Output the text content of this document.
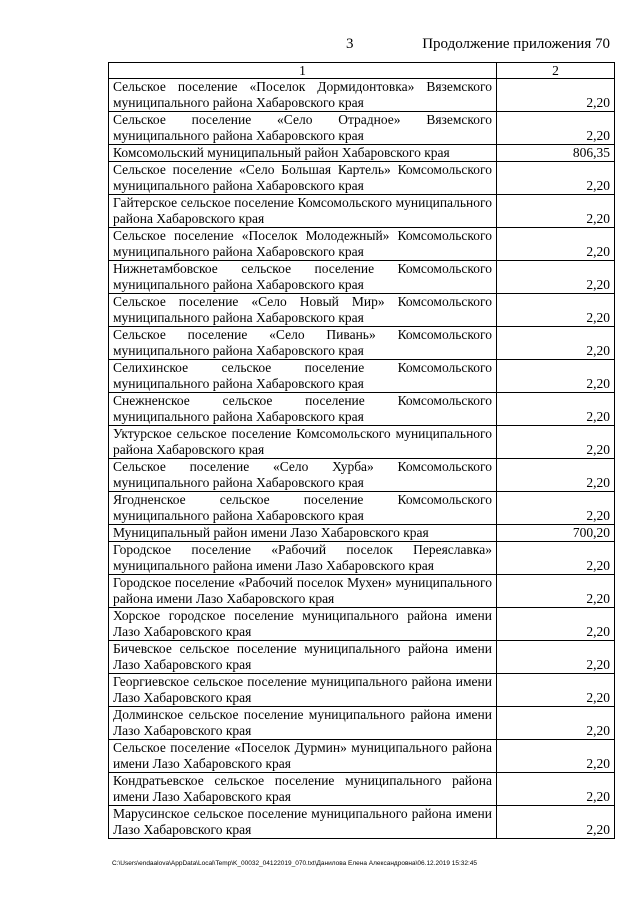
3	Продолжение приложения 70
1	2
Сельское поселение «Поселок Дормидонтовка» Вяземского муниципального района Хабаровского края	2,20
Сельское поселение «Село Отрадное» Вяземского муниципального района Хабаровского края	2,20
Комсомольский муниципальный район Хабаровского края	806,35
Сельское поселение «Село Большая Картель» Комсомольского муниципального района Хабаровского края	2,20
Гайтерское сельское поселение Комсомольского муниципального района Хабаровского края	2,20
Сельское поселение «Поселок Молодежный» Комсомольского муниципального района Хабаровского края	2,20
Нижнетамбовское сельское поселение Комсомольского муниципального района Хабаровского края	2,20
Сельское поселение «Село Новый Мир» Комсомольского муниципального района Хабаровского края	2,20
Сельское поселение «Село Пивань» Комсомольского муниципального района Хабаровского края	2,20
Селихинское сельское поселение Комсомольского муниципального района Хабаровского края	2,20
Снежненское сельское поселение Комсомольского муниципального района Хабаровского края	2,20
Уктурское сельское поселение Комсомольского муниципального района Хабаровского края	2,20
Сельское поселение «Село Хурба» Комсомольского муниципального района Хабаровского края	2,20
Ягодненское сельское поселение Комсомольского муниципального района Хабаровского края	2,20
Муниципальный район имени Лазо Хабаровского края	700,20
Городское поселение «Рабочий поселок Переяславка» муниципального района имени Лазо Хабаровского края	2,20
Городское поселение «Рабочий поселок Мухен» муниципального района имени Лазо Хабаровского края	2,20
Хорское городское поселение муниципального района имени Лазо Хабаровского края	2,20
Бичевское сельское поселение муниципального района имени Лазо Хабаровского края	2,20
Георгиевское сельское поселение муниципального района имени Лазо Хабаровского края	2,20
Долминское сельское поселение муниципального района имени Лазо Хабаровского края	2,20
Сельское поселение «Поселок Дурмин» муниципального района имени Лазо Хабаровского края	2,20
Кондратьевское сельское поселение муниципального района имени Лазо Хабаровского края	2,20
Марусинское сельское поселение муниципального района имени Лазо Хабаровского края	2,20
C:\Users\endaalova\AppData\Local\Temp\K_00032_04122019_070.txt\Данилова Елена Александровна\06.12.2019 15:32:45
